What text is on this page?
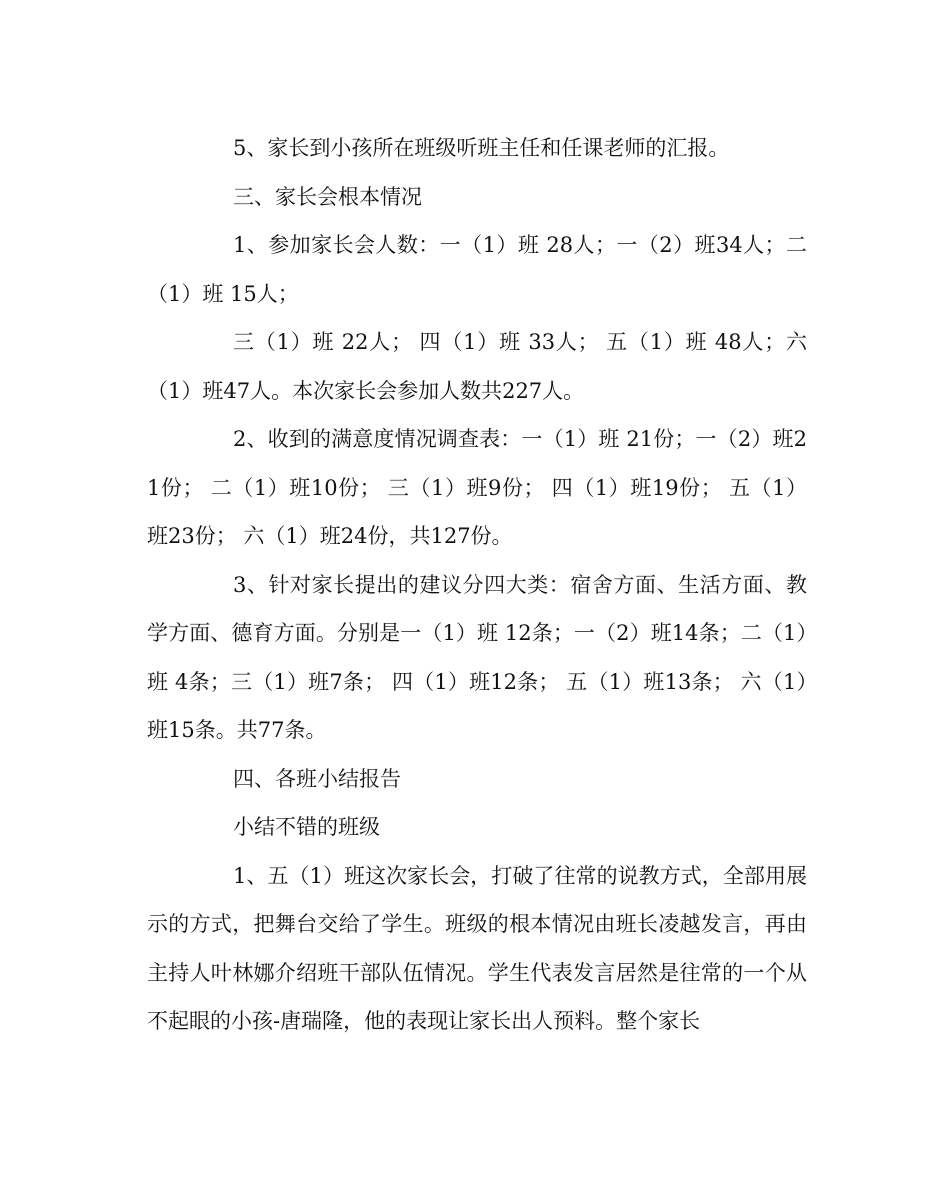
5、家长到小孩所在班级听班主任和任课老师的汇报。

三、家长会根本情况

1、参加家长会人数：一（1）班 28人；一（2）班34人；二（1）班 15人；

三（1）班 22人； 四（1）班 33人； 五（1）班 48人；六（1）班47人。本次家长会参加人数共227人。

2、收到的满意度情况调查表：一（1）班 21份；一（2）班21份； 二（1）班10份； 三（1）班9份； 四（1）班19份； 五（1）班23份； 六（1）班24份，共127份。

3、针对家长提出的建议分四大类：宿舍方面、生活方面、教学方面、德育方面。分别是一（1）班 12条；一（2）班14条；二（1）班 4条；三（1）班7条； 四（1）班12条； 五（1）班13条； 六（1）班15条。共77条。

四、各班小结报告

小结不错的班级

1、五（1）班这次家长会，打破了往常的说教方式，全部用展示的方式，把舞台交给了学生。班级的根本情况由班长凌越发言，再由主持人叶林娜介绍班干部队伍情况。学生代表发言居然是往常的一个从不起眼的小孩-唐瑞隆，他的表现让家长出人预料。整个家长
